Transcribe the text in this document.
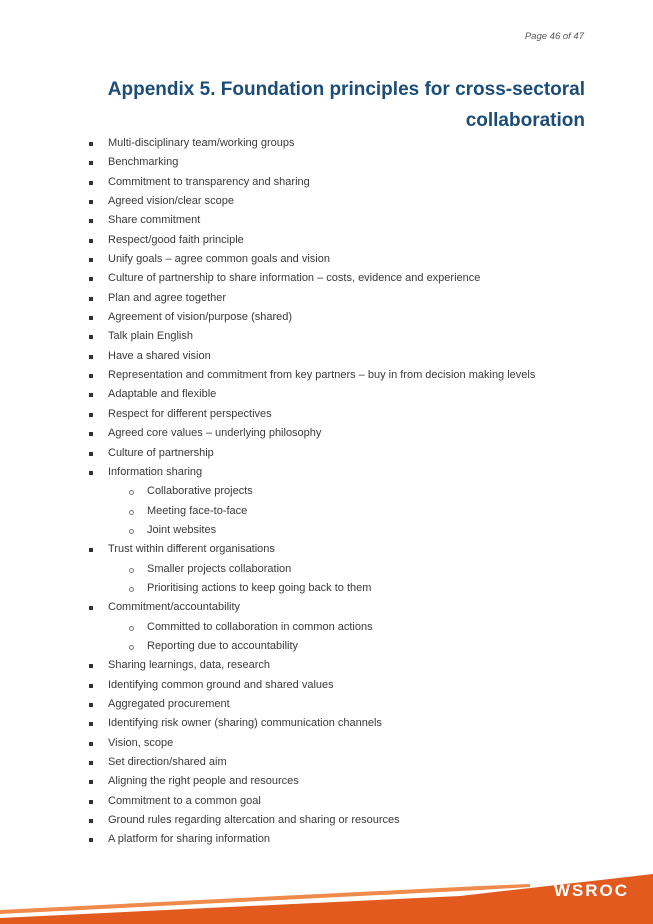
Page 46 of 47
Appendix 5. Foundation principles for cross-sectoral collaboration
Multi-disciplinary team/working groups
Benchmarking
Commitment to transparency and sharing
Agreed vision/clear scope
Share commitment
Respect/good faith principle
Unify goals – agree common goals and vision
Culture of partnership to share information – costs, evidence and experience
Plan and agree together
Agreement of vision/purpose (shared)
Talk plain English
Have a shared vision
Representation and commitment from key partners – buy in from decision making levels
Adaptable and flexible
Respect for different perspectives
Agreed core values – underlying philosophy
Culture of partnership
Information sharing
Collaborative projects
Meeting face-to-face
Joint websites
Trust within different organisations
Smaller projects collaboration
Prioritising actions to keep going back to them
Commitment/accountability
Committed to collaboration in common actions
Reporting due to accountability
Sharing learnings, data, research
Identifying common ground and shared values
Aggregated procurement
Identifying risk owner (sharing) communication channels
Vision, scope
Set direction/shared aim
Aligning the right people and resources
Commitment to a common goal
Ground rules regarding altercation and sharing or resources
A platform for sharing information
WSROC
